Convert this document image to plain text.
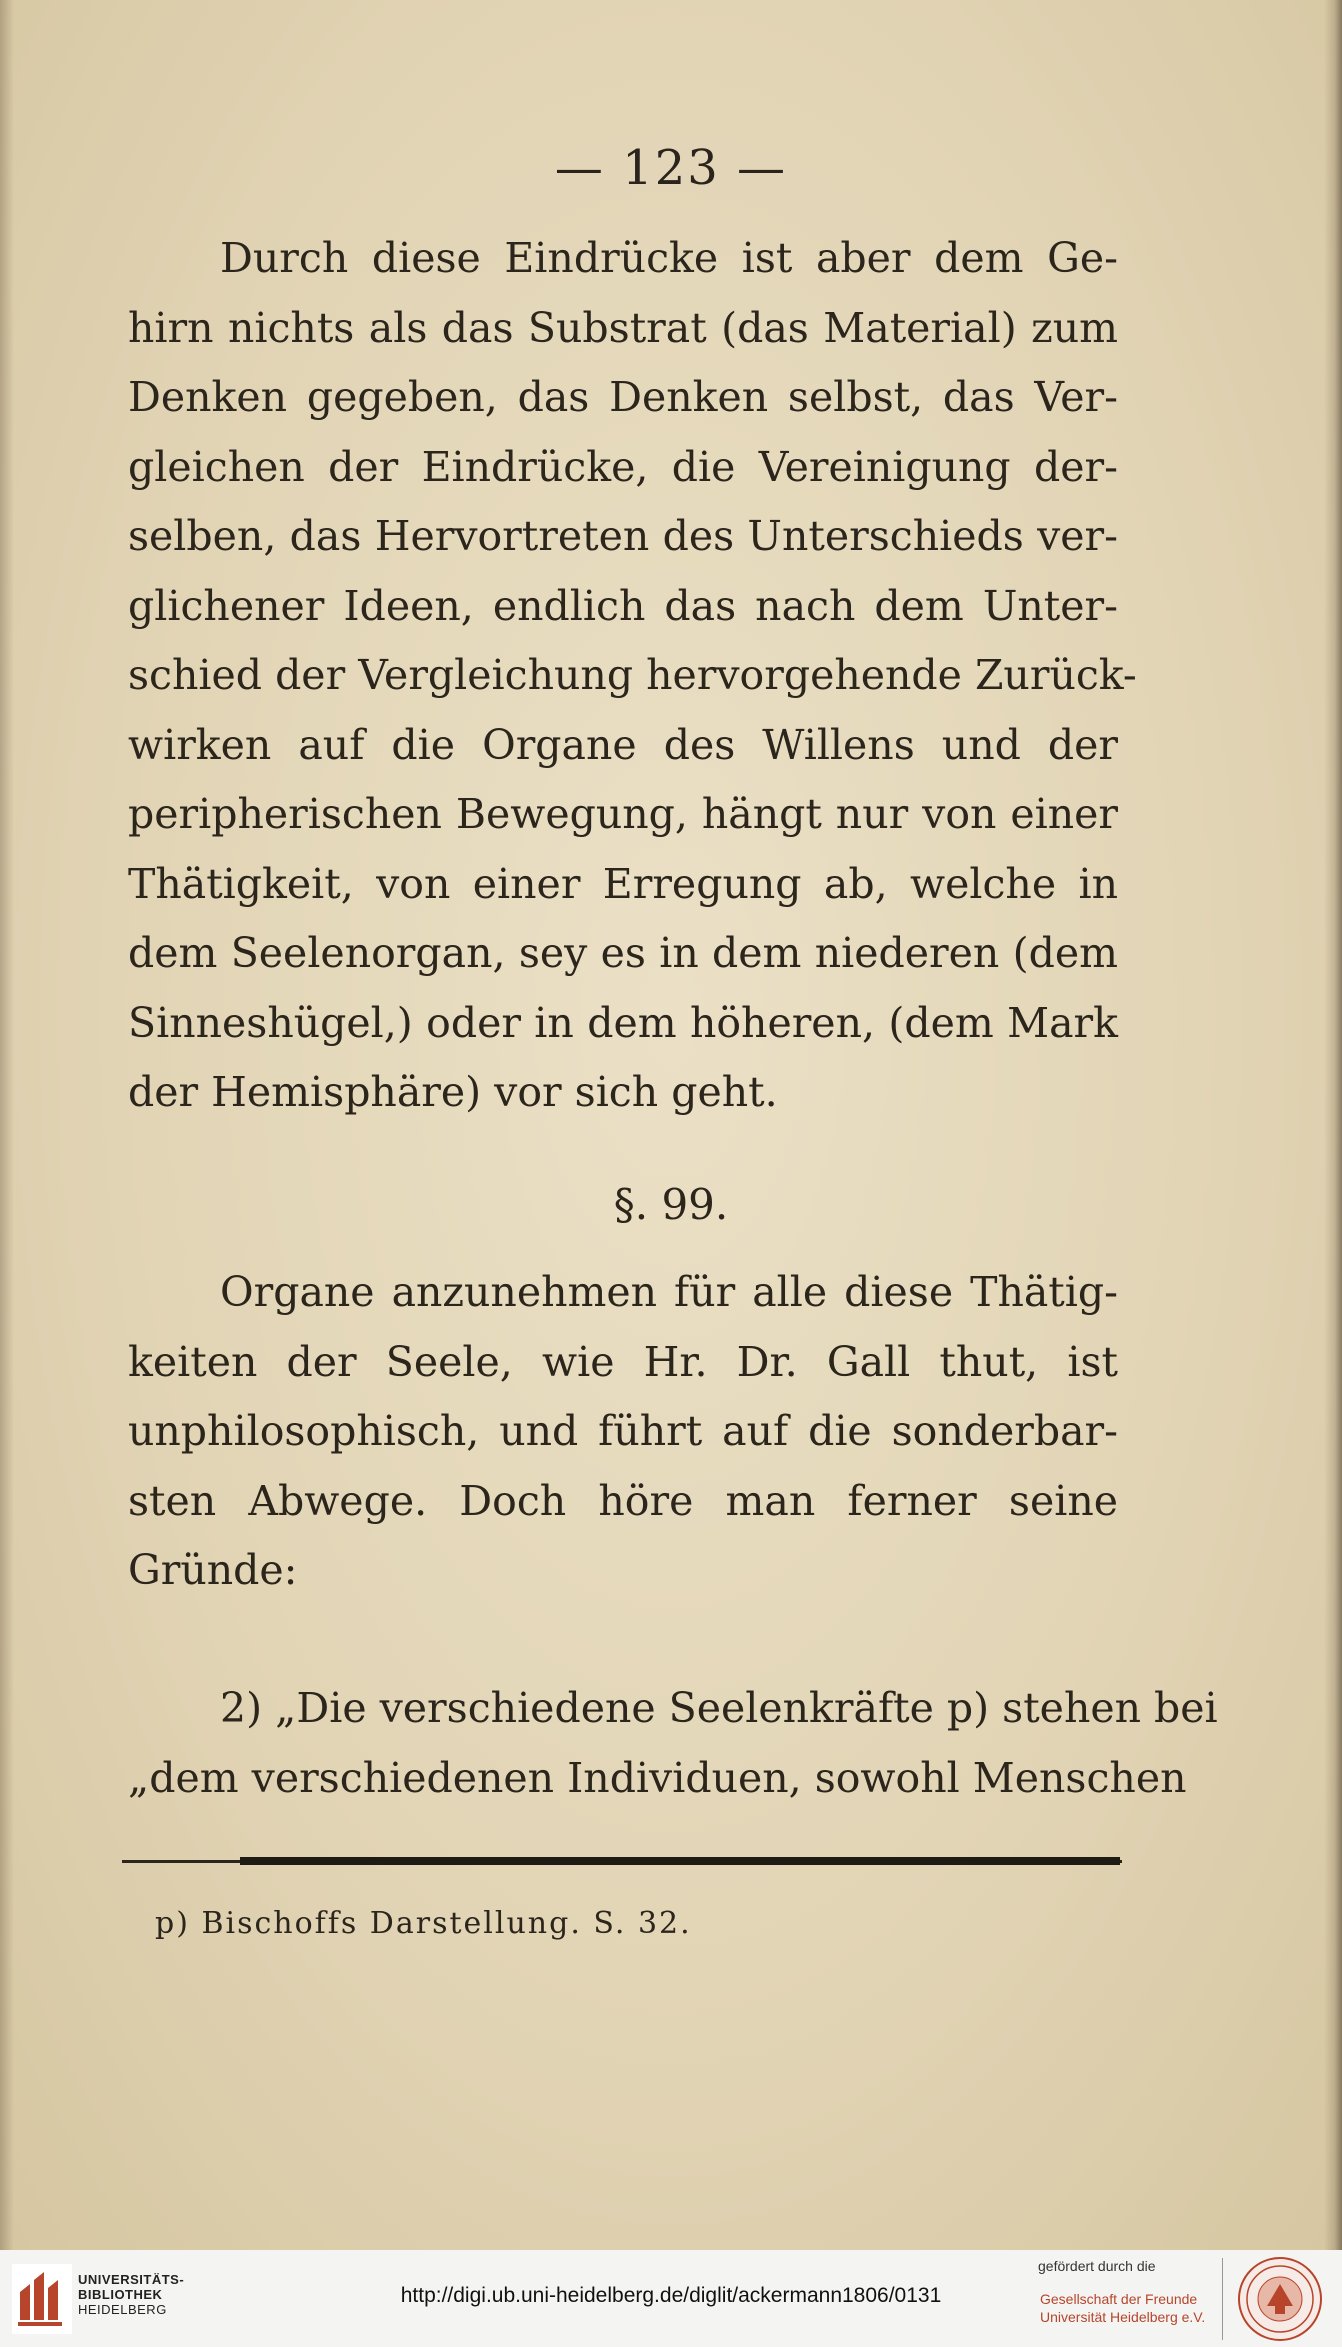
— 123 —
Durch diese Eindrücke ist aber dem Ge-
hirn nichts als das Substrat (das Material) zum
Denken gegeben, das Denken selbst, das Ver-
gleichen der Eindrücke, die Vereinigung der-
selben, das Hervortreten des Unterschieds ver-
glichener Ideen, endlich das nach dem Unter-
schied der Vergleichung hervorgehende Zurück-
wirken auf die Organe des Willens und der
peripherischen Bewegung, hängt nur von einer
Thätigkeit, von einer Erregung ab, welche in
dem Seelenorgan, sey es in dem niederen (dem
Sinneshügel,) oder in dem höheren, (dem Mark
der Hemisphäre) vor sich geht.
§. 99.
Organe anzunehmen für alle diese Thätig-
keiten der Seele, wie Hr. Dr. Gall thut, ist
unphilosophisch, und führt auf die sonderbar-
sten Abwege. Doch höre man ferner seine
Gründe:
2) „Die verschiedene Seelenkräfte p) stehen bei
„dem verschiedenen Individuen, sowohl Menschen
p) Bischoffs Darstellung. S. 32.
UNIVERSITÄTS-
BIBLIOTHEK
HEIDELBERG
http://digi.ub.uni-heidelberg.de/diglit/ackermann1806/0131
gefördert durch die
Gesellschaft der Freunde
Universität Heidelberg e.V.
